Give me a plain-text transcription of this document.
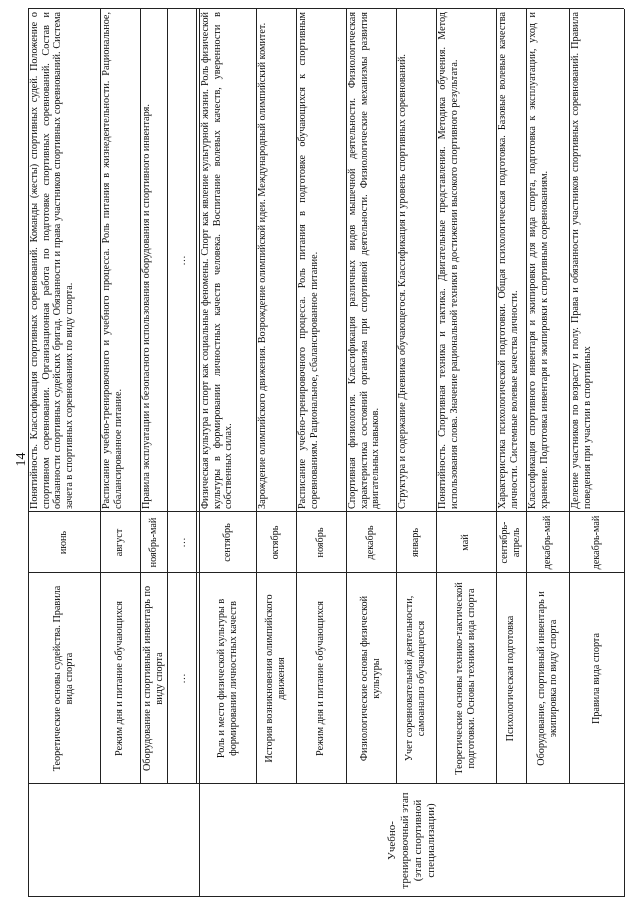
14
Учебно-тренировочный этап (этап спортивной специализации)
Теоретические основы судейства. Правила вида спорта
июнь
Понятийность. Классификация спортивных соревнований. Команды (жесты) спортивных судей. Положение о спортивном соревновании. Организационная работа по подготовке спортивных соревнований. Состав и обязанности спортивных судейских бригад. Обязанности и права участников спортивных соревнований. Система зачета в спортивных соревнованиях по виду спорта.
Режим дня и питание обучающихся
август
Расписание учебно-тренировочного и учебного процесса. Роль питания в жизнедеятельности. Рациональное, сбалансированное питание.
Оборудование и спортивный инвентарь по виду спорта
ноябрь-май
Правила эксплуатации и безопасного использования оборудования и спортивного инвентаря.
…
…
…
Роль и место физической культуры в формировании личностных качеств
сентябрь
Физическая культура и спорт как социальные феномены. Спорт как явление культурной жизни. Роль физической культуры в формировании личностных качеств человека. Воспитание волевых качеств, уверенности в собственных силах.
История возникновения олимпийского движения
октябрь
Зарождение олимпийского движения. Возрождение олимпийской идеи. Международный олимпийский комитет.
Режим дня и питание обучающихся
ноябрь
Расписание учебно-тренировочного процесса. Роль питания в подготовке обучающихся к спортивным соревнованиям. Рациональное, сбалансированное питание.
Физиологические основы физической культуры
декабрь
Спортивная физиология. Классификация различных видов мышечной деятельности. Физиологическая характеристика состояний организма при спортивной деятельности. Физиологические механизмы развития двигательных навыков.
Учет соревновательной деятельности, самоанализ обучающегося
январь
Структура и содержание Дневника обучающегося. Классификация и уровень спортивных соревнований.
Теоретические основы технико-тактической подготовки. Основы техники вида спорта
май
Понятийность. Спортивная техника и тактика. Двигательные представления. Методика обучения. Метод использования слова. Значение рациональной техники в достижении высокого спортивного результата.
Психологическая подготовка
сентябрь-апрель
Характеристика психологической подготовки. Общая психологическая подготовка. Базовые волевые качества личности. Системные волевые качества личности.
Оборудование, спортивный инвентарь и экипировка по виду спорта
декабрь-май
Классификация спортивного инвентаря и экипировки для вида спорта, подготовка к эксплуатации, уход и хранение. Подготовка инвентаря и экипировки к спортивным соревнованиям.
Правила вида спорта
декабрь-май
Деление участников по возрасту и полу. Права и обязанности участников спортивных соревнований. Правила поведения при участии в спортивных
